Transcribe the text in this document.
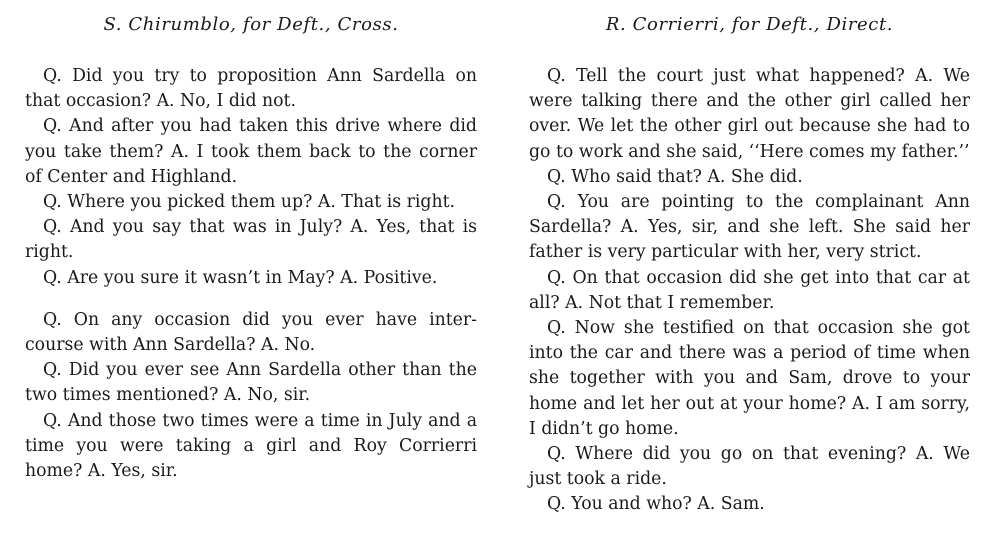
S. Chirumblo, for Deft., Cross.

Q. Did you try to proposition Ann Sardella on that occasion? A. No, I did not.

Q. And after you had taken this drive where did you take them? A. I took them back to the corner of Center and Highland.

Q. Where you picked them up? A. That is right.

Q. And you say that was in July? A. Yes, that is right.

Q. Are you sure it wasn’t in May? A. Positive.

Q. On any occasion did you ever have intercourse with Ann Sardella? A. No.

Q. Did you ever see Ann Sardella other than the two times mentioned? A. No, sir.

Q. And those two times were a time in July and a time you were taking a girl and Roy Corrierri home? A. Yes, sir.

R. Corrierri, for Deft., Direct.

Q. Tell the court just what happened? A. We were talking there and the other girl called her over. We let the other girl out because she had to go to work and she said, ‘‘Here comes my father.’’

Q. Who said that? A. She did.

Q. You are pointing to the complainant Ann Sardella? A. Yes, sir, and she left. She said her father is very particular with her, very strict.

Q. On that occasion did she get into that car at all? A. Not that I remember.

Q. Now she testified on that occasion she got into the car and there was a period of time when she together with you and Sam, drove to your home and let her out at your home? A. I am sorry, I didn’t go home.

Q. Where did you go on that evening? A. We just took a ride.

Q. You and who? A. Sam.
